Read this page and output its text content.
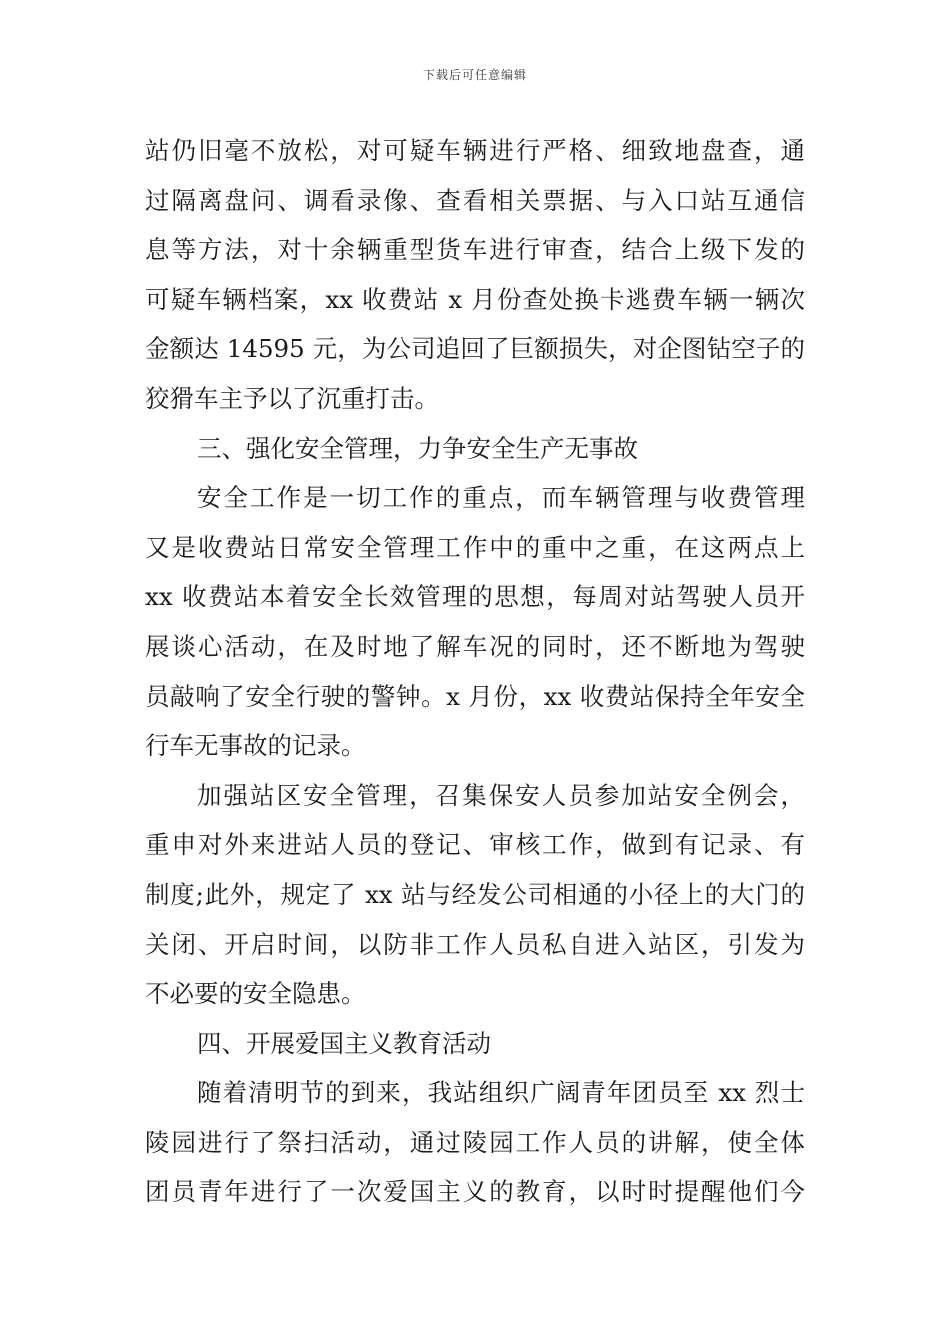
下载后可任意编辑
站仍旧毫不放松，对可疑车辆进行严格、细致地盘查，通
过隔离盘问、调看录像、查看相关票据、与入口站互通信
息等方法，对十余辆重型货车进行审查，结合上级下发的
可疑车辆档案，xx 收费站 x 月份查处换卡逃费车辆一辆次
金额达 14595 元，为公司追回了巨额损失，对企图钻空子的
狡猾车主予以了沉重打击。
三、强化安全管理，力争安全生产无事故
安全工作是一切工作的重点，而车辆管理与收费管理
又是收费站日常安全管理工作中的重中之重，在这两点上
xx 收费站本着安全长效管理的思想，每周对站驾驶人员开
展谈心活动，在及时地了解车况的同时，还不断地为驾驶
员敲响了安全行驶的警钟。x 月份，xx 收费站保持全年安全
行车无事故的记录。
加强站区安全管理，召集保安人员参加站安全例会，
重申对外来进站人员的登记、审核工作，做到有记录、有
制度;此外，规定了 xx 站与经发公司相通的小径上的大门的
关闭、开启时间，以防非工作人员私自进入站区，引发为
不必要的安全隐患。
四、开展爱国主义教育活动
随着清明节的到来，我站组织广阔青年团员至 xx 烈士
陵园进行了祭扫活动，通过陵园工作人员的讲解，使全体
团员青年进行了一次爱国主义的教育，以时时提醒他们今
